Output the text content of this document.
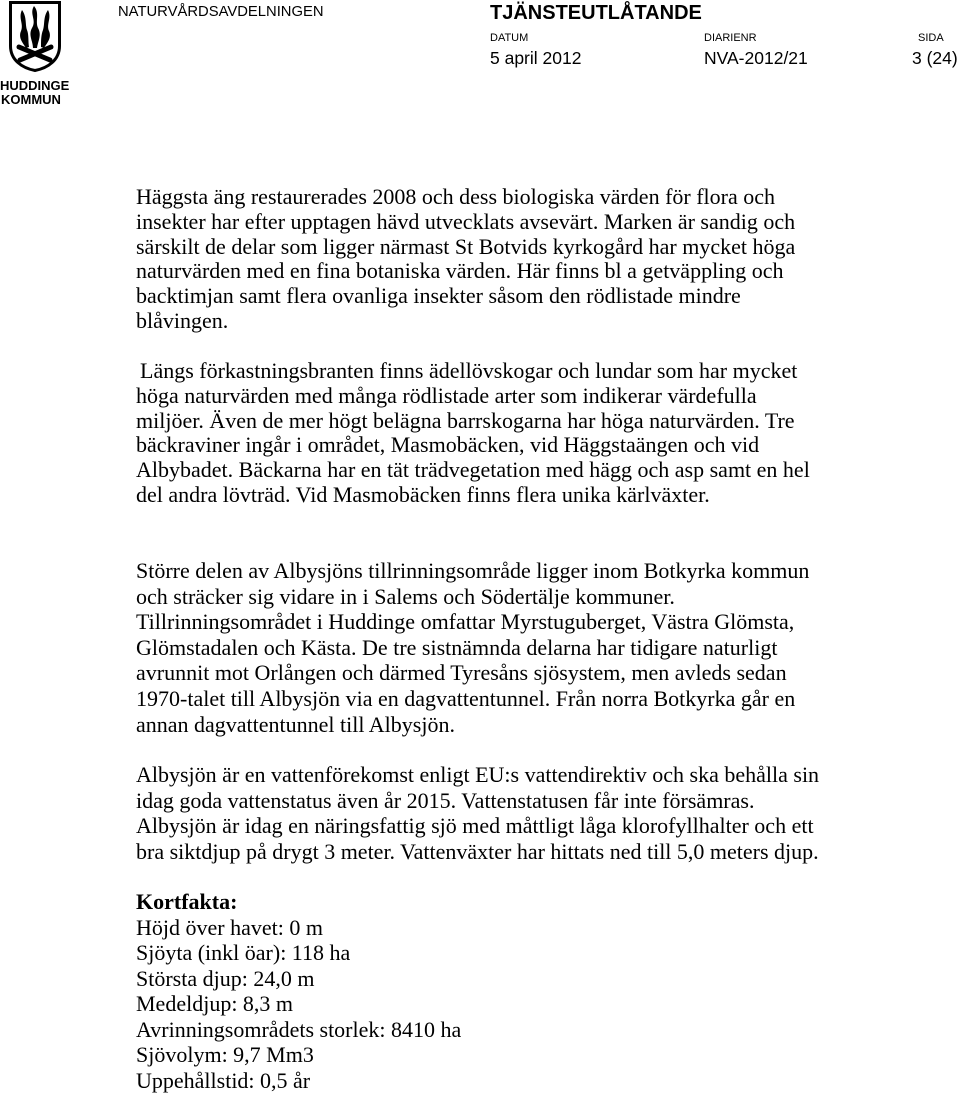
HUDDINGE
KOMMUN
NATURVÅRDSAVDELNINGEN	TJÄNSTEUTLÅTANDE
DATUM	DIARIENR	SIDA
5 april 2012	NVA-2012/21	3 (24)
Häggsta äng restaurerades 2008 och dess biologiska värden för flora och
insekter har efter upptagen hävd utvecklats avsevärt. Marken är sandig och
särskilt de delar som ligger närmast St Botvids kyrkogård har mycket höga
naturvärden med en fina botaniska värden. Här finns bl a getväppling och
backtimjan samt flera ovanliga insekter såsom den rödlistade mindre
blåvingen.
Längs förkastningsbranten finns ädellövskogar och lundar som har mycket
höga naturvärden med många rödlistade arter som indikerar värdefulla
miljöer. Även de mer högt belägna barrskogarna har höga naturvärden. Tre
bäckraviner ingår i området, Masmobäcken, vid Häggstaängen och vid
Albybadet. Bäckarna har en tät trädvegetation med hägg och asp samt en hel
del andra lövträd. Vid Masmobäcken finns flera unika kärlväxter.
Större delen av Albysjöns tillrinningsområde ligger inom Botkyrka kommun
och sträcker sig vidare in i Salems och Södertälje kommuner.
Tillrinningsområdet i Huddinge omfattar Myrstuguberget, Västra Glömsta,
Glömstadalen och Kästa. De tre sistnämnda delarna har tidigare naturligt
avrunnit mot Orlången och därmed Tyresåns sjösystem, men avleds sedan
1970-talet till Albysjön via en dagvattentunnel. Från norra Botkyrka går en
annan dagvattentunnel till Albysjön.
Albysjön är en vattenförekomst enligt EU:s vattendirektiv och ska behålla sin
idag goda vattenstatus även år 2015. Vattenstatusen får inte försämras.
Albysjön är idag en näringsfattig sjö med måttligt låga klorofyllhalter och ett
bra siktdjup på drygt 3 meter. Vattenväxter har hittats ned till 5,0 meters djup.
Kortfakta:
Höjd över havet: 0 m
Sjöyta (inkl öar): 118 ha
Största djup: 24,0 m
Medeldjup: 8,3 m
Avrinningsområdets storlek: 8410 ha
Sjövolym: 9,7 Mm3
Uppehållstid: 0,5 år
